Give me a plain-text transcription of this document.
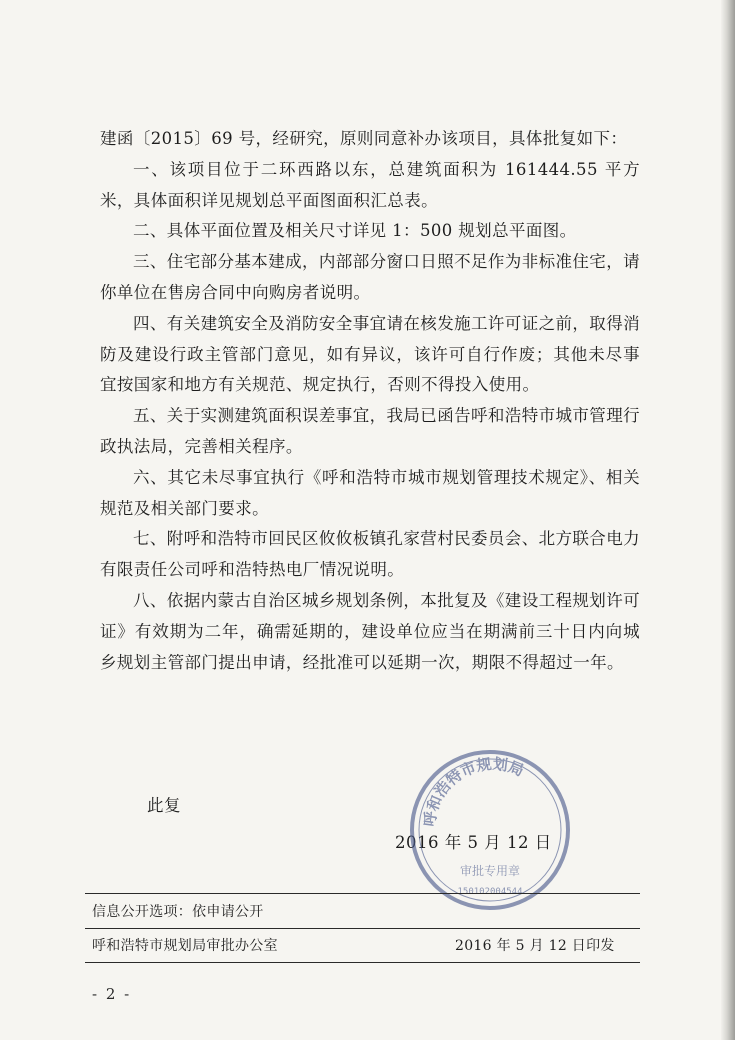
建函〔2015〕69 号，经研究，原则同意补办该项目，具体批复如下：

一、该项目位于二环西路以东，总建筑面积为 161444.55 平方米，具体面积详见规划总平面图面积汇总表。

二、具体平面位置及相关尺寸详见 1：500 规划总平面图。

三、住宅部分基本建成，内部部分窗口日照不足作为非标准住宅，请你单位在售房合同中向购房者说明。

四、有关建筑安全及消防安全事宜请在核发施工许可证之前，取得消防及建设行政主管部门意见，如有异议，该许可自行作废；其他未尽事宜按国家和地方有关规范、规定执行，否则不得投入使用。

五、关于实测建筑面积误差事宜，我局已函告呼和浩特市城市管理行政执法局，完善相关程序。

六、其它未尽事宜执行《呼和浩特市城市规划管理技术规定》、相关规范及相关部门要求。

七、附呼和浩特市回民区攸攸板镇孔家营村民委员会、北方联合电力有限责任公司呼和浩特热电厂情况说明。

八、依据内蒙古自治区城乡规划条例，本批复及《建设工程规划许可证》有效期为二年，确需延期的，建设单位应当在期满前三十日内向城乡规划主管部门提出申请，经批准可以延期一次，期限不得超过一年。

此复
2016 年 5 月 12 日
呼和浩特市规划局
审批专用章
150102004544
信息公开选项：依申请公开
呼和浩特市规划局审批办公室	2016 年 5 月 12 日印发
- 2 -
